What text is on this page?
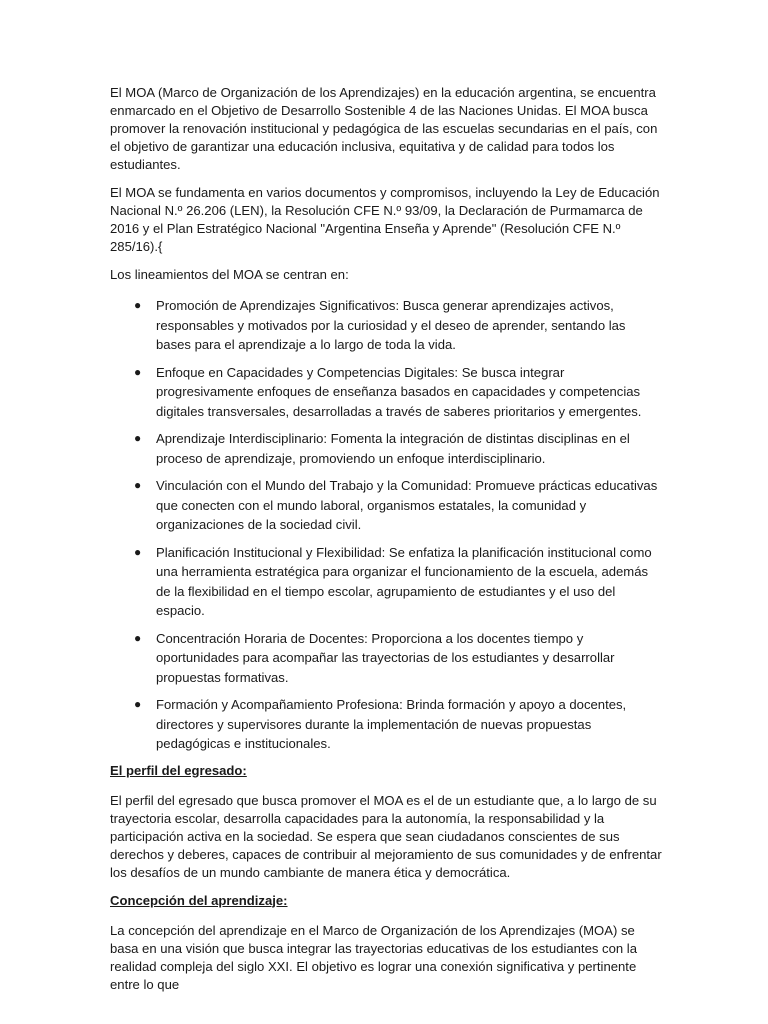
El MOA (Marco de Organización de los Aprendizajes) en la educación argentina, se encuentra enmarcado en el Objetivo de Desarrollo Sostenible 4 de las Naciones Unidas. El MOA busca promover la renovación institucional y pedagógica de las escuelas secundarias en el país, con el objetivo de garantizar una educación inclusiva, equitativa y de calidad para todos los estudiantes.

El MOA se fundamenta en varios documentos y compromisos, incluyendo la Ley de Educación Nacional N.º 26.206 (LEN), la Resolución CFE N.º 93/09, la Declaración de Purmamarca de 2016 y el Plan Estratégico Nacional "Argentina Enseña y Aprende" (Resolución CFE N.º 285/16).{

Los lineamientos del MOA se centran en:

● Promoción de Aprendizajes Significativos: Busca generar aprendizajes activos, responsables y motivados por la curiosidad y el deseo de aprender, sentando las bases para el aprendizaje a lo largo de toda la vida.
● Enfoque en Capacidades y Competencias Digitales: Se busca integrar progresivamente enfoques de enseñanza basados en capacidades y competencias digitales transversales, desarrolladas a través de saberes prioritarios y emergentes.
● Aprendizaje Interdisciplinario: Fomenta la integración de distintas disciplinas en el proceso de aprendizaje, promoviendo un enfoque interdisciplinario.
● Vinculación con el Mundo del Trabajo y la Comunidad: Promueve prácticas educativas que conecten con el mundo laboral, organismos estatales, la comunidad y organizaciones de la sociedad civil.
● Planificación Institucional y Flexibilidad: Se enfatiza la planificación institucional como una herramienta estratégica para organizar el funcionamiento de la escuela, además de la flexibilidad en el tiempo escolar, agrupamiento de estudiantes y el uso del espacio.
● Concentración Horaria de Docentes: Proporciona a los docentes tiempo y oportunidades para acompañar las trayectorias de los estudiantes y desarrollar propuestas formativas.
● Formación y Acompañamiento Profesiona: Brinda formación y apoyo a docentes, directores y supervisores durante la implementación de nuevas propuestas pedagógicas e institucionales.
El perfil del egresado:

El perfil del egresado que busca promover el MOA es el de un estudiante que, a lo largo de su trayectoria escolar, desarrolla capacidades para la autonomía, la responsabilidad y la participación activa en la sociedad. Se espera que sean ciudadanos conscientes de sus derechos y deberes, capaces de contribuir al mejoramiento de sus comunidades y de enfrentar los desafíos de un mundo cambiante de manera ética y democrática.

Concepción del aprendizaje:

La concepción del aprendizaje en el Marco de Organización de los Aprendizajes (MOA) se basa en una visión que busca integrar las trayectorias educativas de los estudiantes con la realidad compleja del siglo XXI. El objetivo es lograr una conexión significativa y pertinente entre lo que
